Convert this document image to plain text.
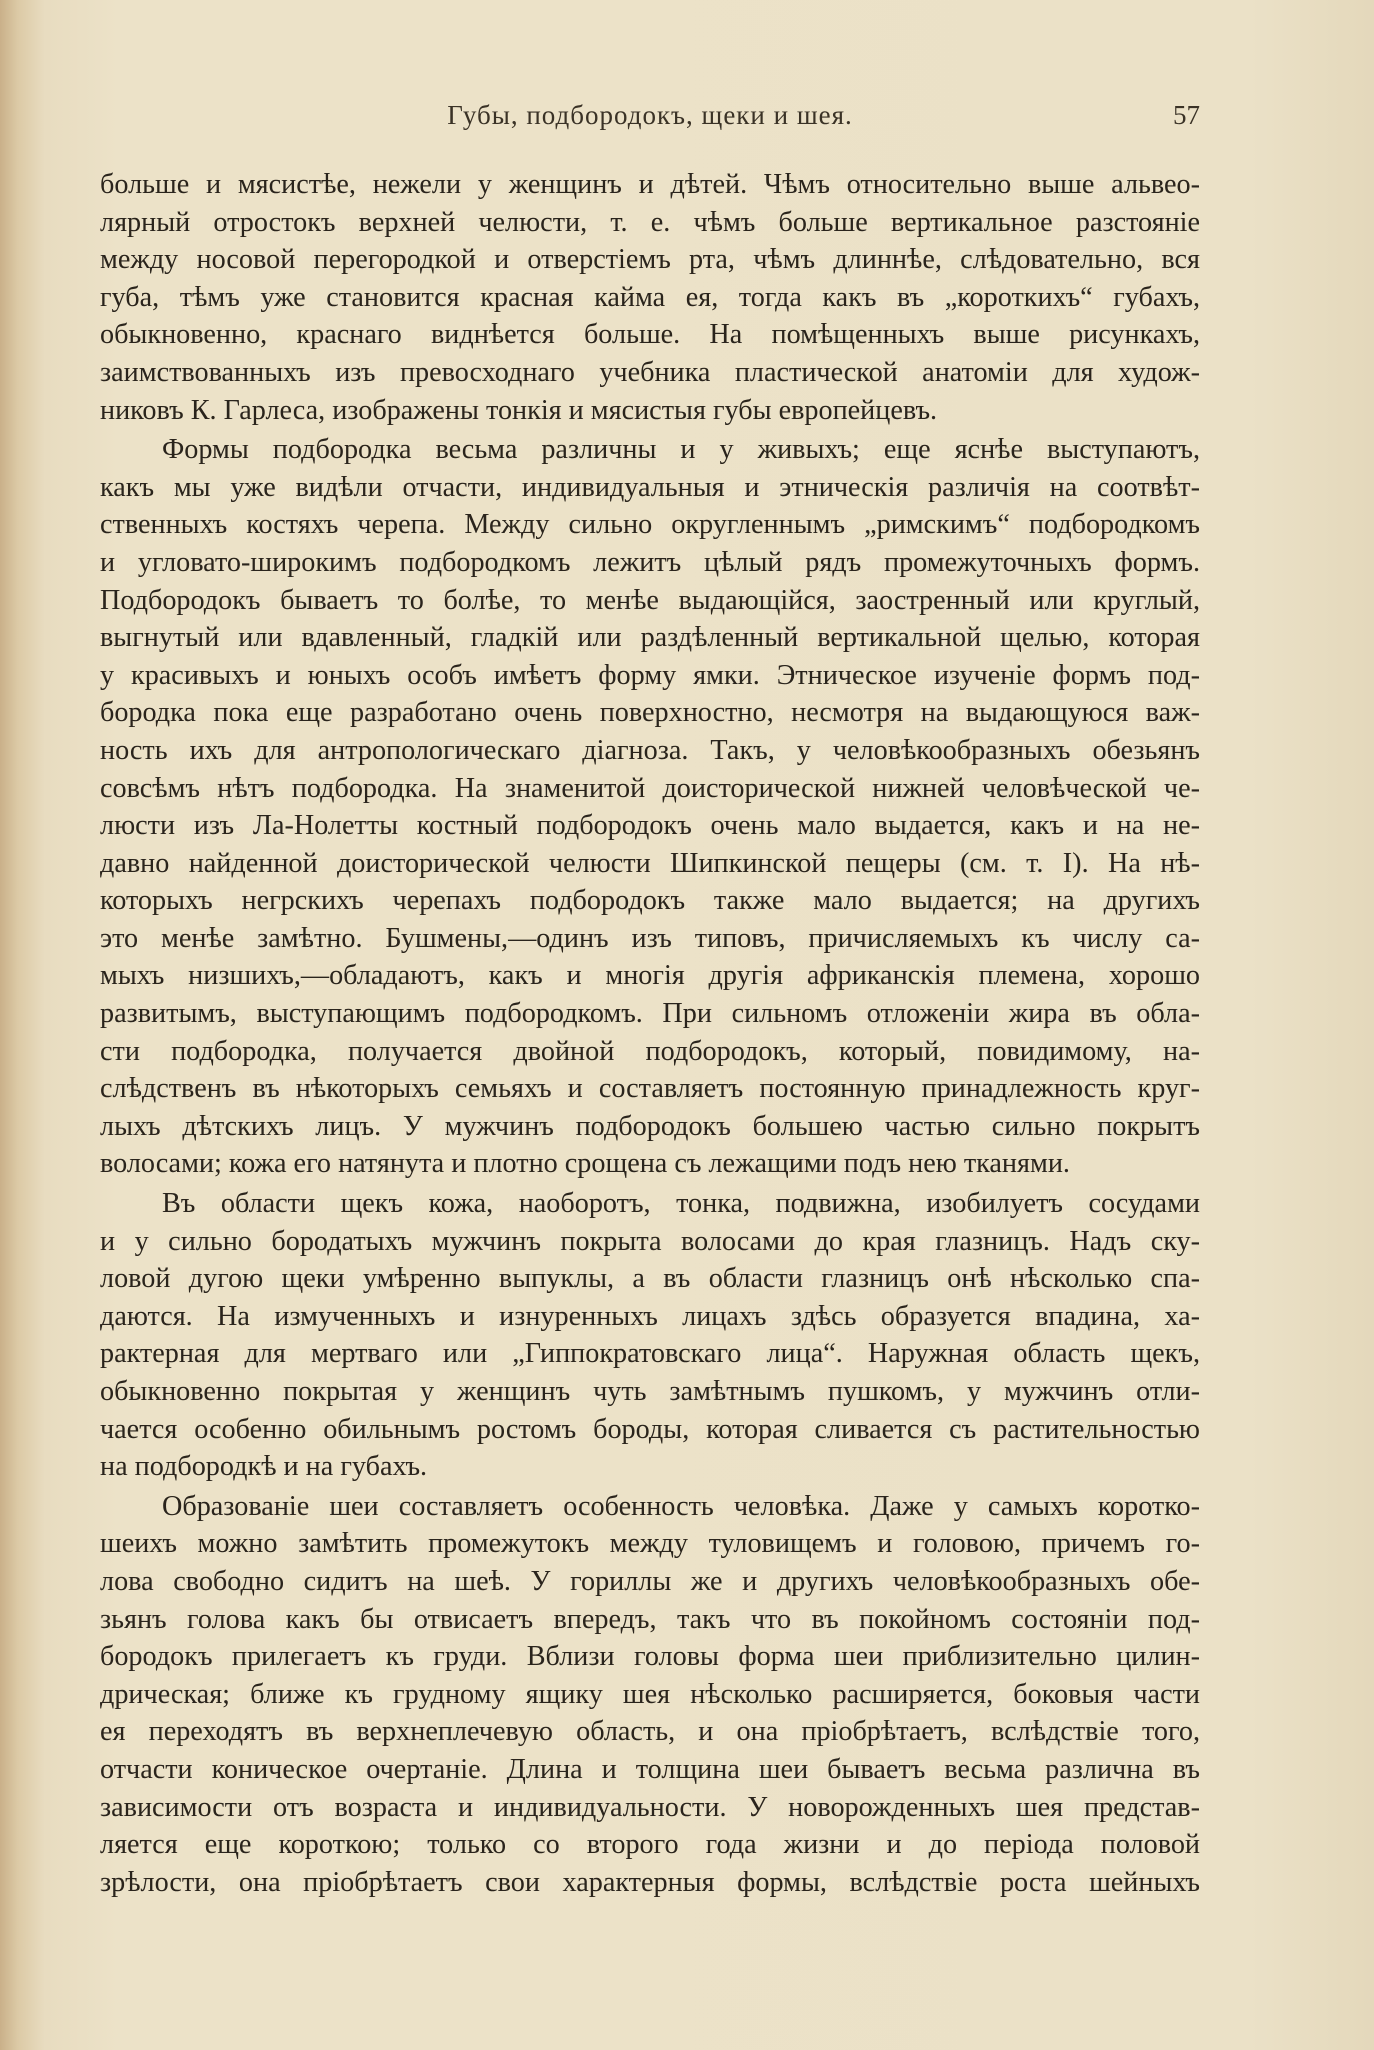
Губы, подбородокъ, щеки и шея.	57

больше и мясистѣе, нежели у женщинъ и дѣтей. Чѣмъ относительно выше альвео-

лярный отростокъ верхней челюсти, т. е. чѣмъ больше вертикальное разстояніе

между носовой перегородкой и отверстіемъ рта, чѣмъ длиннѣе, слѣдовательно, вся

губа, тѣмъ уже становится красная кайма ея, тогда какъ въ „короткихъ“ губахъ,

обыкновенно, краснаго виднѣется больше. На помѣщенныхъ выше рисункахъ,

заимствованныхъ изъ превосходнаго учебника пластической анатоміи для худож-

никовъ К. Гарлеса, изображены тонкія и мясистыя губы европейцевъ.

Формы подбородка весьма различны и у живыхъ; еще яснѣе выступаютъ,

какъ мы уже видѣли отчасти, индивидуальныя и этническія различія на соотвѣт-

ственныхъ костяхъ черепа. Между сильно округленнымъ „римскимъ“ подбородкомъ

и угловато-широкимъ подбородкомъ лежитъ цѣлый рядъ промежуточныхъ формъ.

Подбородокъ бываетъ то болѣе, то менѣе выдающійся, заостренный или круглый,

выгнутый или вдавленный, гладкій или раздѣленный вертикальной щелью, которая

у красивыхъ и юныхъ особъ имѣетъ форму ямки. Этническое изученіе формъ под-

бородка пока еще разработано очень поверхностно, несмотря на выдающуюся важ-

ность ихъ для антропологическаго діагноза. Такъ, у человѣкообразныхъ обезьянъ

совсѣмъ нѣтъ подбородка. На знаменитой доисторической нижней человѣческой че-

люсти изъ Ла-Нолетты костный подбородокъ очень мало выдается, какъ и на не-

давно найденной доисторической челюсти Шипкинской пещеры (см. т. I). На нѣ-

которыхъ негрскихъ черепахъ подбородокъ также мало выдается; на другихъ

это менѣе замѣтно. Бушмены,—одинъ изъ типовъ, причисляемыхъ къ числу са-

мыхъ низшихъ,—обладаютъ, какъ и многія другія африканскія племена, хорошо

развитымъ, выступающимъ подбородкомъ. При сильномъ отложеніи жира въ обла-

сти подбородка, получается двойной подбородокъ, который, повидимому, на-

слѣдственъ въ нѣкоторыхъ семьяхъ и составляетъ постоянную принадлежность круг-

лыхъ дѣтскихъ лицъ. У мужчинъ подбородокъ большею частью сильно покрытъ

волосами; кожа его натянута и плотно срощена съ лежащими подъ нею тканями.

Въ области щекъ кожа, наоборотъ, тонка, подвижна, изобилуетъ сосудами

и у сильно бородатыхъ мужчинъ покрыта волосами до края глазницъ. Надъ ску-

ловой дугою щеки умѣренно выпуклы, а въ области глазницъ онѣ нѣсколько спа-

даются. На измученныхъ и изнуренныхъ лицахъ здѣсь образуется впадина, ха-

рактерная для мертваго или „Гиппократовскаго лица“. Наружная область щекъ,

обыкновенно покрытая у женщинъ чуть замѣтнымъ пушкомъ, у мужчинъ отли-

чается особенно обильнымъ ростомъ бороды, которая сливается съ растительностью

на подбородкѣ и на губахъ.

Образованіе шеи составляетъ особенность человѣка. Даже у самыхъ коротко-

шеихъ можно замѣтить промежутокъ между туловищемъ и головою, причемъ го-

лова свободно сидитъ на шеѣ. У гориллы же и другихъ человѣкообразныхъ обе-

зьянъ голова какъ бы отвисаетъ впередъ, такъ что въ покойномъ состояніи под-

бородокъ прилегаетъ къ груди. Вблизи головы форма шеи приблизительно цилин-

дрическая; ближе къ грудному ящику шея нѣсколько расширяется, боковыя части

ея переходятъ въ верхнеплечевую область, и она пріобрѣтаетъ, вслѣдствіе того,

отчасти коническое очертаніе. Длина и толщина шеи бываетъ весьма различна въ

зависимости отъ возраста и индивидуальности. У новорожденныхъ шея представ-

ляется еще короткою; только со второго года жизни и до періода половой

зрѣлости, она пріобрѣтаетъ свои характерныя формы, вслѣдствіе роста шейныхъ
